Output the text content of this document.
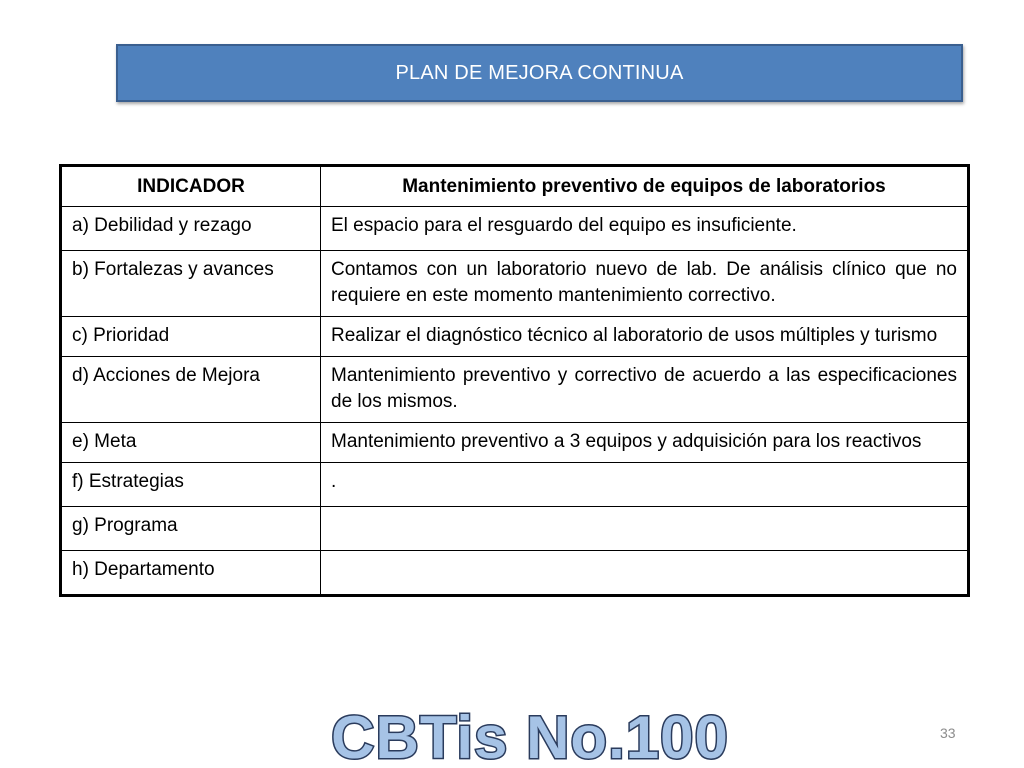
PLAN DE MEJORA CONTINUA
INDICADOR	Mantenimiento preventivo de equipos de laboratorios
a) Debilidad y rezago	El espacio para el resguardo del equipo es insuficiente.
b) Fortalezas y avances	Contamos con un laboratorio nuevo de lab. De análisis clínico que no requiere en este momento mantenimiento correctivo.
c) Prioridad	Realizar el diagnóstico técnico al laboratorio de usos múltiples y turismo
d) Acciones de Mejora	Mantenimiento preventivo y correctivo de acuerdo a las especificaciones de los mismos.
e) Meta	Mantenimiento preventivo a 3 equipos y adquisición para los reactivos
f) Estrategias	.
g) Programa	
h) Departamento	
CBTis No.100	33
